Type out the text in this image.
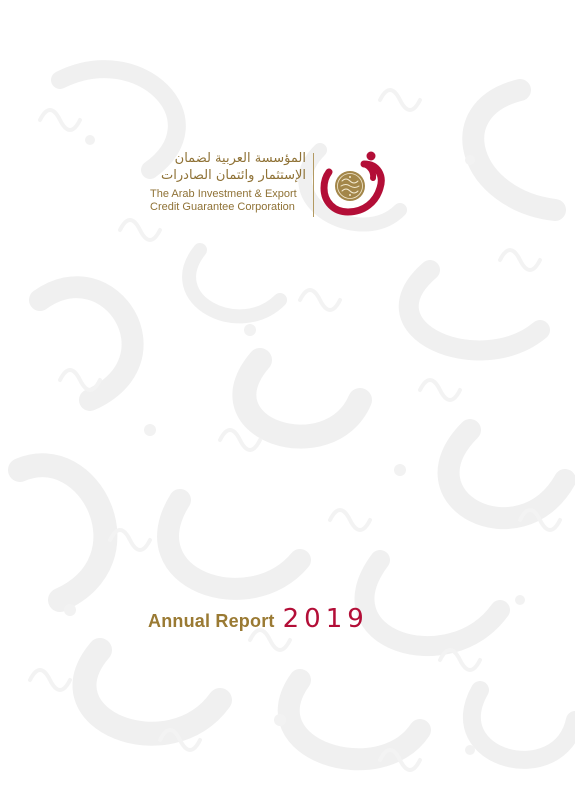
المؤسسة العربية لضمان
الإستثمار وائتمان الصادرات
The Arab Investment & Export
Credit Guarantee Corporation
Annual Report 2019
